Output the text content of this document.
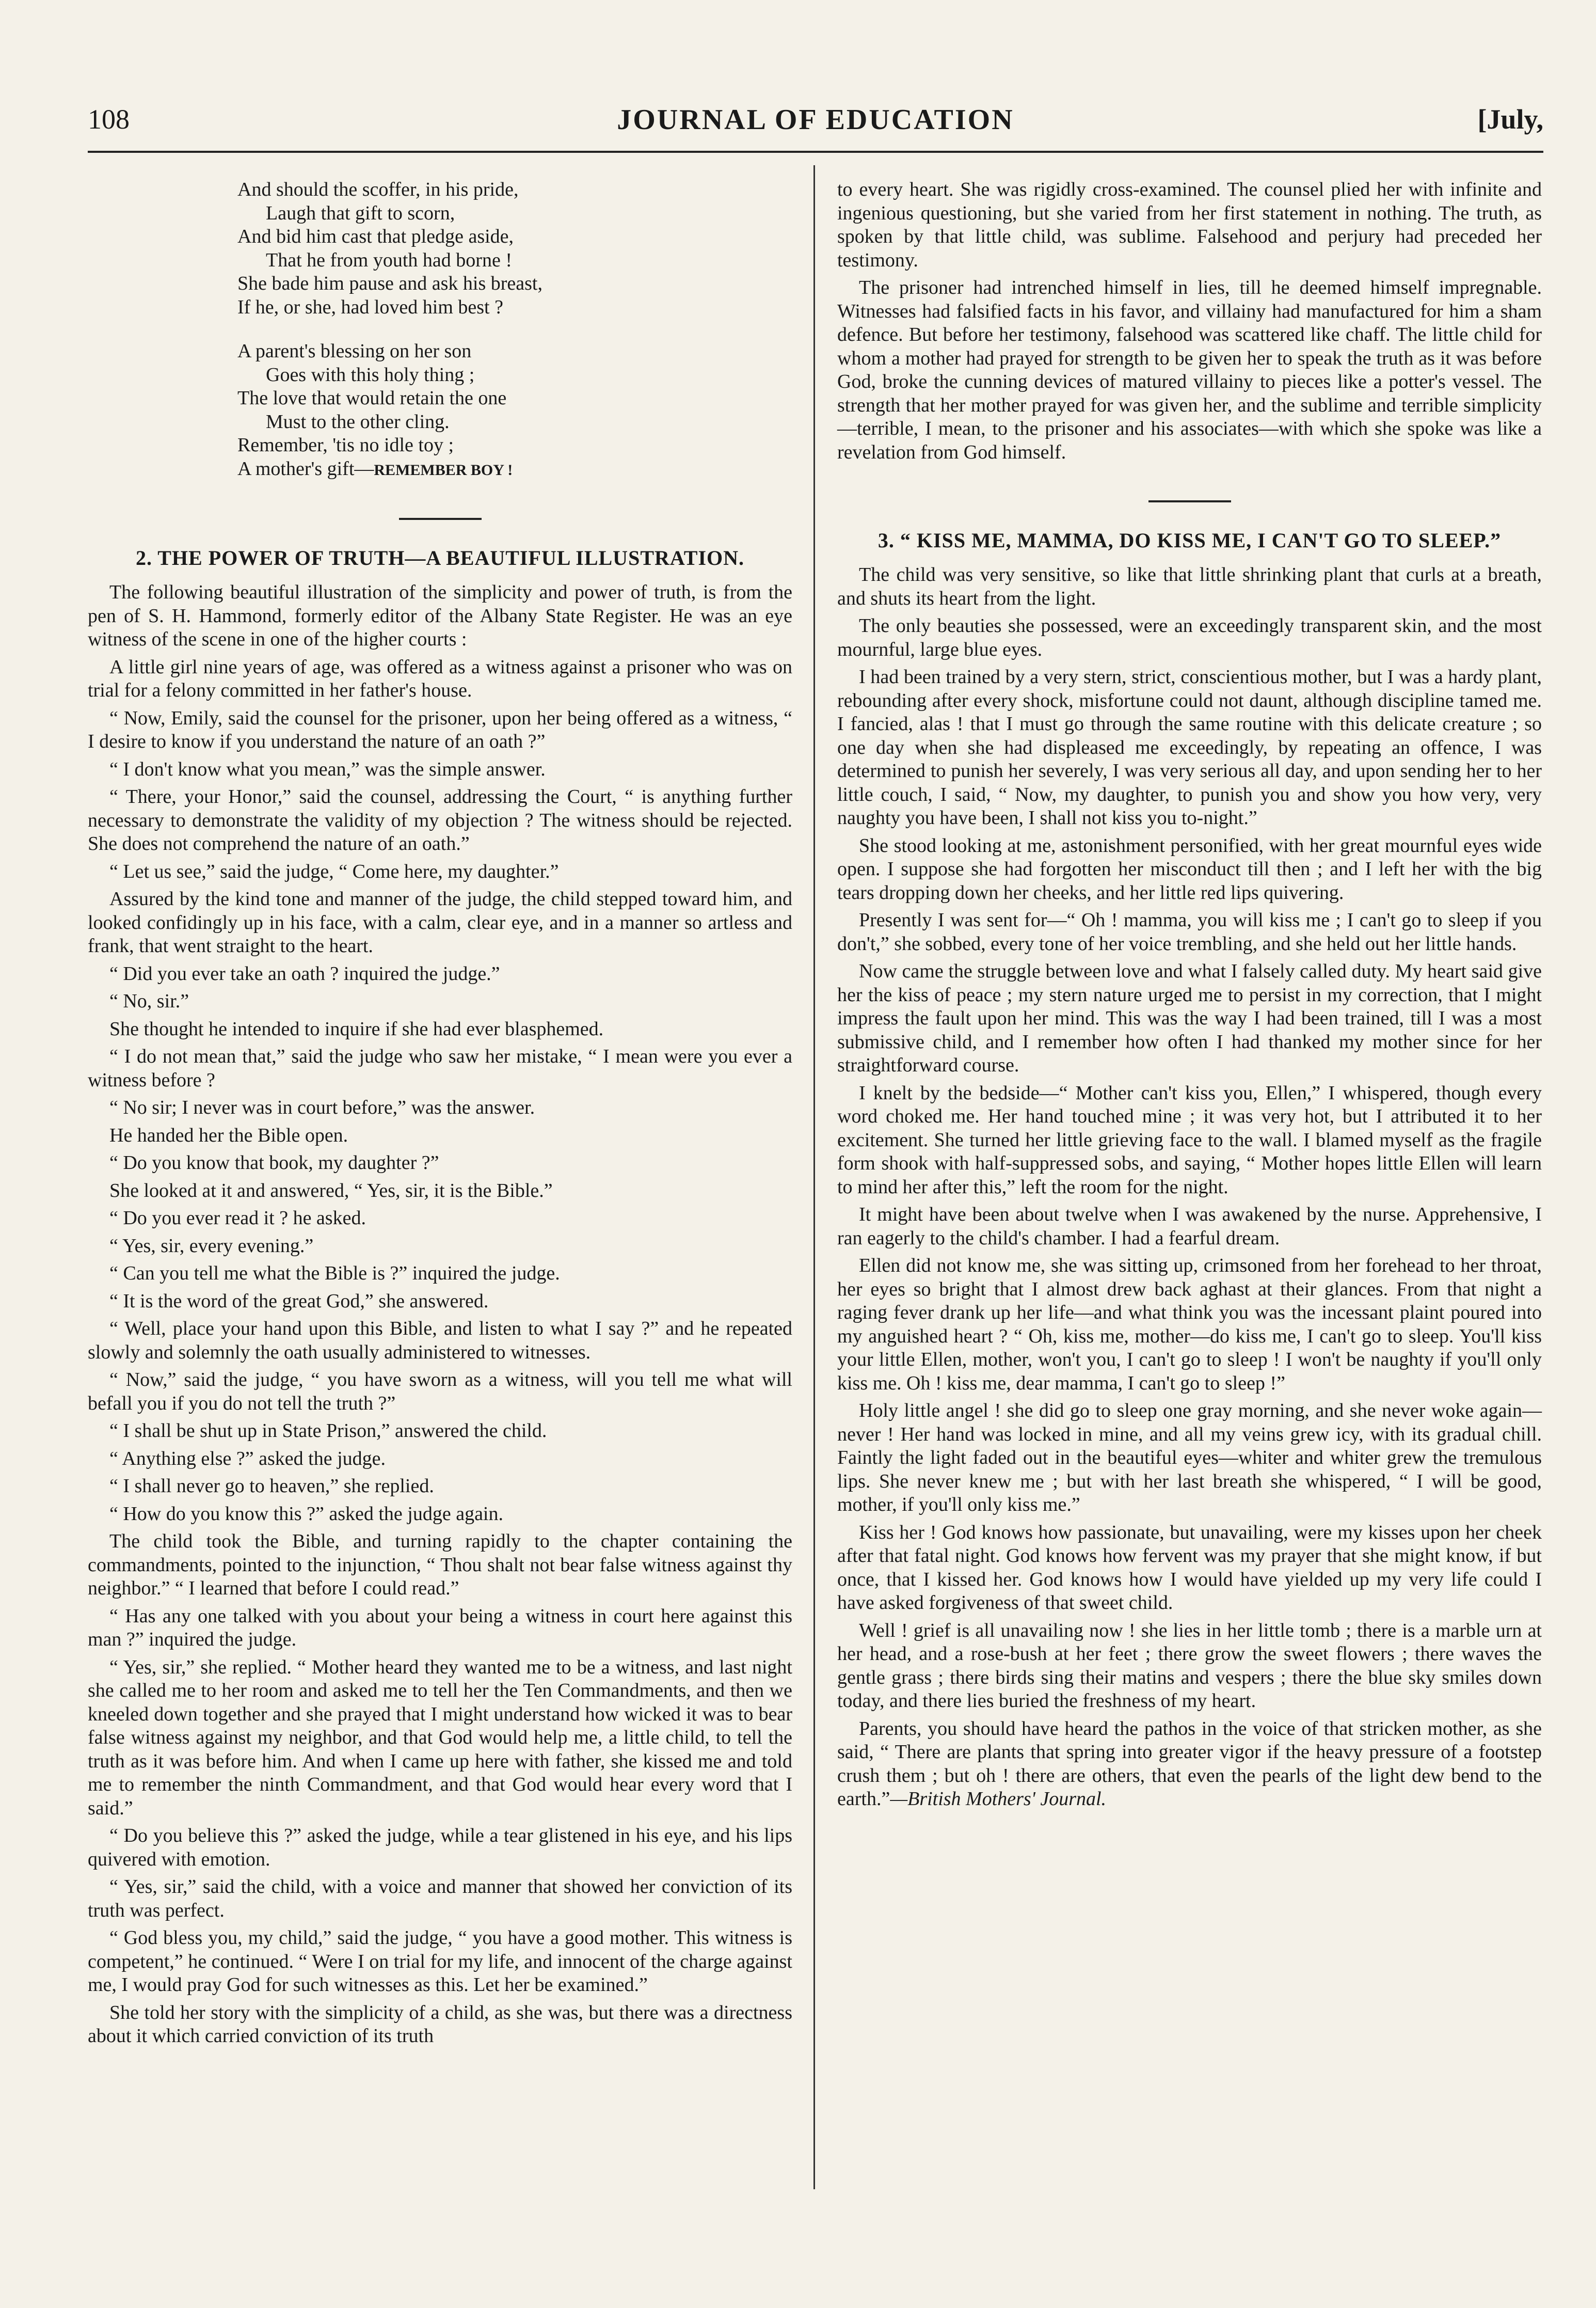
108	JOURNAL OF EDUCATION	[July,
And should the scoffer, in his pride,
Laugh that gift to scorn,
And bid him cast that pledge aside,
That he from youth had borne !
She bade him pause and ask his breast,
If he, or she, had loved him best ?
A parent's blessing on her son
Goes with this holy thing ;
The love that would retain the one
Must to the other cling.
Remember, 'tis no idle toy ;
A mother's gift—REMEMBER BOY !
2. THE POWER OF TRUTH—A BEAUTIFUL ILLUSTRATION.

The following beautiful illustration of the simplicity and power of truth, is from the pen of S. H. Hammond, formerly editor of the Albany State Register. He was an eye witness of the scene in one of the higher courts :

A little girl nine years of age, was offered as a witness against a prisoner who was on trial for a felony committed in her father's house.

“ Now, Emily, said the counsel for the prisoner, upon her being offered as a witness, “ I desire to know if you understand the nature of an oath ?”

“ I don't know what you mean,” was the simple answer.

“ There, your Honor,” said the counsel, addressing the Court, “ is anything further necessary to demonstrate the validity of my objection ? The witness should be rejected. She does not comprehend the nature of an oath.”

“ Let us see,” said the judge, “ Come here, my daughter.”

Assured by the kind tone and manner of the judge, the child stepped toward him, and looked confidingly up in his face, with a calm, clear eye, and in a manner so artless and frank, that went straight to the heart.

“ Did you ever take an oath ? inquired the judge.”

“ No, sir.”

She thought he intended to inquire if she had ever blasphemed.

“ I do not mean that,” said the judge who saw her mistake, “ I mean were you ever a witness before ?

“ No sir; I never was in court before,” was the answer.

He handed her the Bible open.

“ Do you know that book, my daughter ?”

She looked at it and answered, “ Yes, sir, it is the Bible.”

“ Do you ever read it ? he asked.

“ Yes, sir, every evening.”

“ Can you tell me what the Bible is ?” inquired the judge.

“ It is the word of the great God,” she answered.

“ Well, place your hand upon this Bible, and listen to what I say ?” and he repeated slowly and solemnly the oath usually administered to witnesses.

“ Now,” said the judge, “ you have sworn as a witness, will you tell me what will befall you if you do not tell the truth ?”

“ I shall be shut up in State Prison,” answered the child.

“ Anything else ?” asked the judge.

“ I shall never go to heaven,” she replied.

“ How do you know this ?” asked the judge again.

The child took the Bible, and turning rapidly to the chapter containing the commandments, pointed to the injunction, “ Thou shalt not bear false witness against thy neighbor.” “ I learned that before I could read.”

“ Has any one talked with you about your being a witness in court here against this man ?” inquired the judge.

“ Yes, sir,” she replied. “ Mother heard they wanted me to be a witness, and last night she called me to her room and asked me to tell her the Ten Commandments, and then we kneeled down together and she prayed that I might understand how wicked it was to bear false witness against my neighbor, and that God would help me, a little child, to tell the truth as it was before him. And when I came up here with father, she kissed me and told me to remember the ninth Commandment, and that God would hear every word that I said.”

“ Do you believe this ?” asked the judge, while a tear glistened in his eye, and his lips quivered with emotion.

“ Yes, sir,” said the child, with a voice and manner that showed her conviction of its truth was perfect.

“ God bless you, my child,” said the judge, “ you have a good mother. This witness is competent,” he continued. “ Were I on trial for my life, and innocent of the charge against me, I would pray God for such witnesses as this. Let her be examined.”

She told her story with the simplicity of a child, as she was, but there was a directness about it which carried conviction of its truth

to every heart. She was rigidly cross-examined. The counsel plied her with infinite and ingenious questioning, but she varied from her first statement in nothing. The truth, as spoken by that little child, was sublime. Falsehood and perjury had preceded her testimony.

The prisoner had intrenched himself in lies, till he deemed himself impregnable. Witnesses had falsified facts in his favor, and villainy had manufactured for him a sham defence. But before her testimony, falsehood was scattered like chaff. The little child for whom a mother had prayed for strength to be given her to speak the truth as it was before God, broke the cunning devices of matured villainy to pieces like a potter's vessel. The strength that her mother prayed for was given her, and the sublime and terrible simplicity—terrible, I mean, to the prisoner and his associates—with which she spoke was like a revelation from God himself.

3. “ KISS ME, MAMMA, DO KISS ME, I CAN'T GO TO SLEEP.”

The child was very sensitive, so like that little shrinking plant that curls at a breath, and shuts its heart from the light.

The only beauties she possessed, were an exceedingly transparent skin, and the most mournful, large blue eyes.

I had been trained by a very stern, strict, conscientious mother, but I was a hardy plant, rebounding after every shock, misfortune could not daunt, although discipline tamed me. I fancied, alas ! that I must go through the same routine with this delicate creature ; so one day when she had displeased me exceedingly, by repeating an offence, I was determined to punish her severely, I was very serious all day, and upon sending her to her little couch, I said, “ Now, my daughter, to punish you and show you how very, very naughty you have been, I shall not kiss you to-night.”

She stood looking at me, astonishment personified, with her great mournful eyes wide open. I suppose she had forgotten her misconduct till then ; and I left her with the big tears dropping down her cheeks, and her little red lips quivering.

Presently I was sent for—“ Oh ! mamma, you will kiss me ; I can't go to sleep if you don't,” she sobbed, every tone of her voice trembling, and she held out her little hands.

Now came the struggle between love and what I falsely called duty. My heart said give her the kiss of peace ; my stern nature urged me to persist in my correction, that I might impress the fault upon her mind. This was the way I had been trained, till I was a most submissive child, and I remember how often I had thanked my mother since for her straightforward course.

I knelt by the bedside—“ Mother can't kiss you, Ellen,” I whispered, though every word choked me. Her hand touched mine ; it was very hot, but I attributed it to her excitement. She turned her little grieving face to the wall. I blamed myself as the fragile form shook with half-suppressed sobs, and saying, “ Mother hopes little Ellen will learn to mind her after this,” left the room for the night.

It might have been about twelve when I was awakened by the nurse. Apprehensive, I ran eagerly to the child's chamber. I had a fearful dream.

Ellen did not know me, she was sitting up, crimsoned from her forehead to her throat, her eyes so bright that I almost drew back aghast at their glances. From that night a raging fever drank up her life—and what think you was the incessant plaint poured into my anguished heart ? “ Oh, kiss me, mother—do kiss me, I can't go to sleep. You'll kiss your little Ellen, mother, won't you, I can't go to sleep ! I won't be naughty if you'll only kiss me. Oh ! kiss me, dear mamma, I can't go to sleep !”

Holy little angel ! she did go to sleep one gray morning, and she never woke again—never ! Her hand was locked in mine, and all my veins grew icy, with its gradual chill. Faintly the light faded out in the beautiful eyes—whiter and whiter grew the tremulous lips. She never knew me ; but with her last breath she whispered, “ I will be good, mother, if you'll only kiss me.”

Kiss her ! God knows how passionate, but unavailing, were my kisses upon her cheek after that fatal night. God knows how fervent was my prayer that she might know, if but once, that I kissed her. God knows how I would have yielded up my very life could I have asked forgiveness of that sweet child.

Well ! grief is all unavailing now ! she lies in her little tomb ; there is a marble urn at her head, and a rose-bush at her feet ; there grow the sweet flowers ; there waves the gentle grass ; there birds sing their matins and vespers ; there the blue sky smiles down today, and there lies buried the freshness of my heart.

Parents, you should have heard the pathos in the voice of that stricken mother, as she said, “ There are plants that spring into greater vigor if the heavy pressure of a footstep crush them ; but oh ! there are others, that even the pearls of the light dew bend to the earth.”—British Mothers' Journal.
